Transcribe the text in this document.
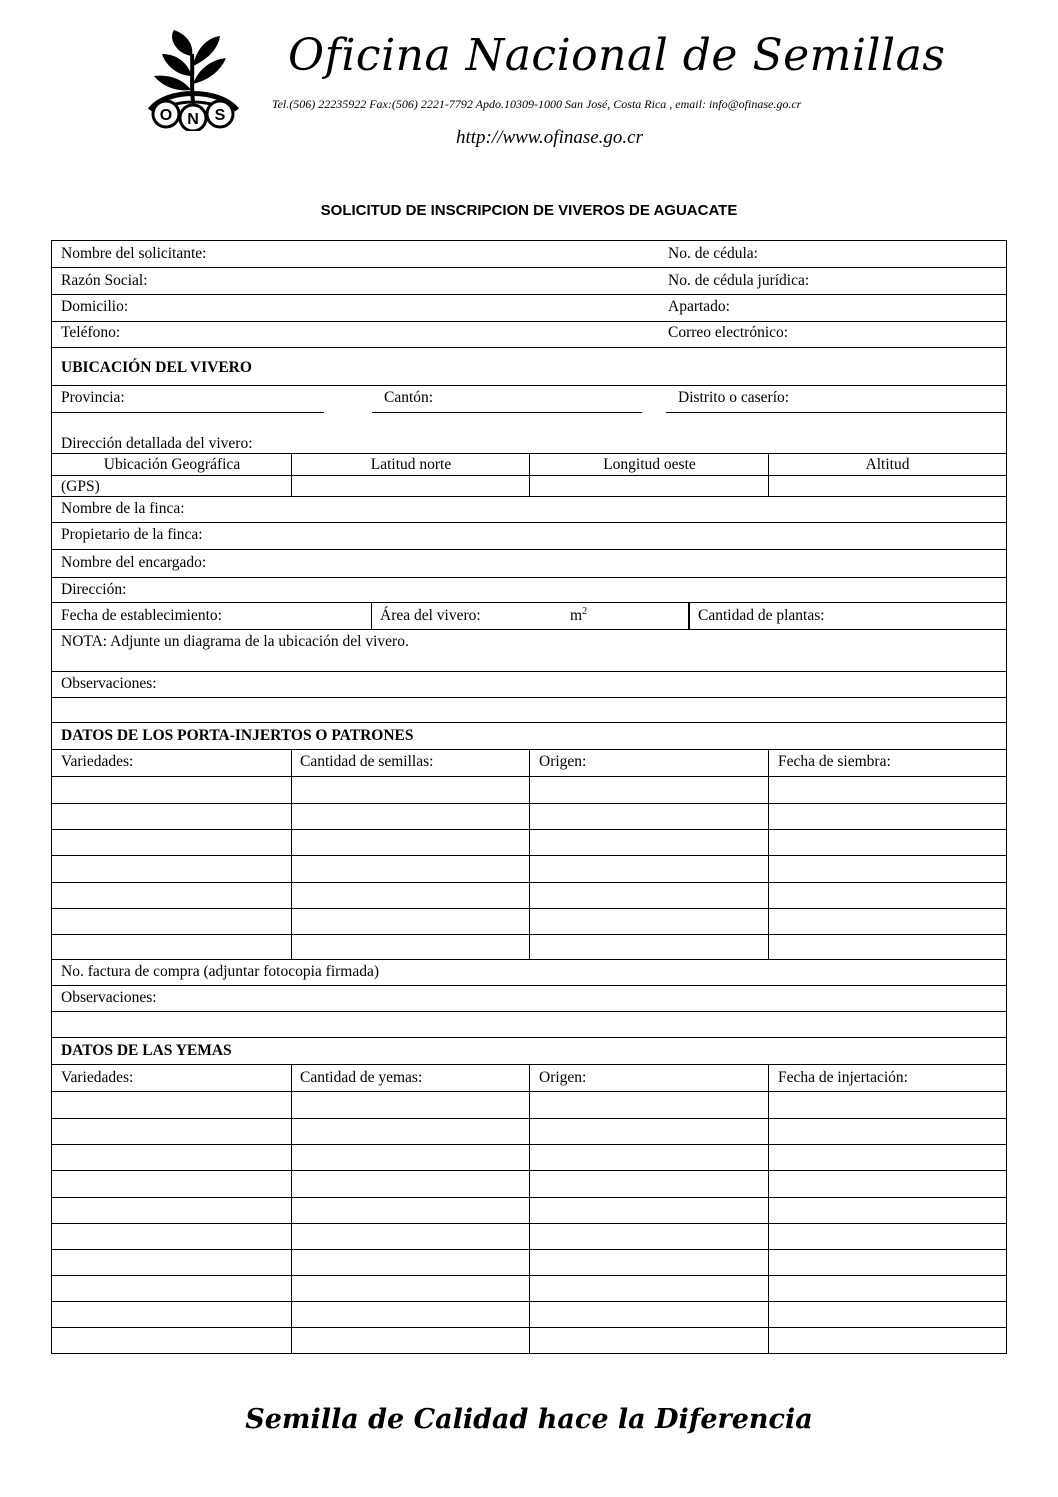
O N S
Oficina Nacional de Semillas
Tel.(506) 22235922 Fax:(506) 2221-7792 Apdo.10309-1000 San José, Costa Rica , email: info@ofinase.go.cr
http://www.ofinase.go.cr
SOLICITUD DE INSCRIPCION DE VIVEROS DE AGUACATE
Nombre del solicitante:	No. de cédula:
Razón Social:	No. de cédula jurídica:
Domicilio:	Apartado:
Teléfono:	Correo electrónico:
UBICACIÓN DEL VIVERO
Provincia:	Cantón:	Distrito o caserío:
Dirección detallada del vivero:
Ubicación Geográfica	Latitud norte	Longitud oeste	Altitud
(GPS)
Nombre de la finca:
Propietario de la finca:
Nombre del encargado:
Dirección:
Fecha de establecimiento:	Área del vivero:	$m^2$	Cantidad de plantas:
NOTA: Adjunte un diagrama de la ubicación del vivero.
Observaciones:
DATOS DE LOS PORTA-INJERTOS O PATRONES
Variedades:	Cantidad de semillas:	Origen:	Fecha de siembra:
No. factura de compra (adjuntar fotocopia firmada)
Observaciones:
DATOS DE LAS YEMAS
Variedades:	Cantidad de yemas:	Origen:	Fecha de injertación:
Semilla de Calidad hace la Diferencia
